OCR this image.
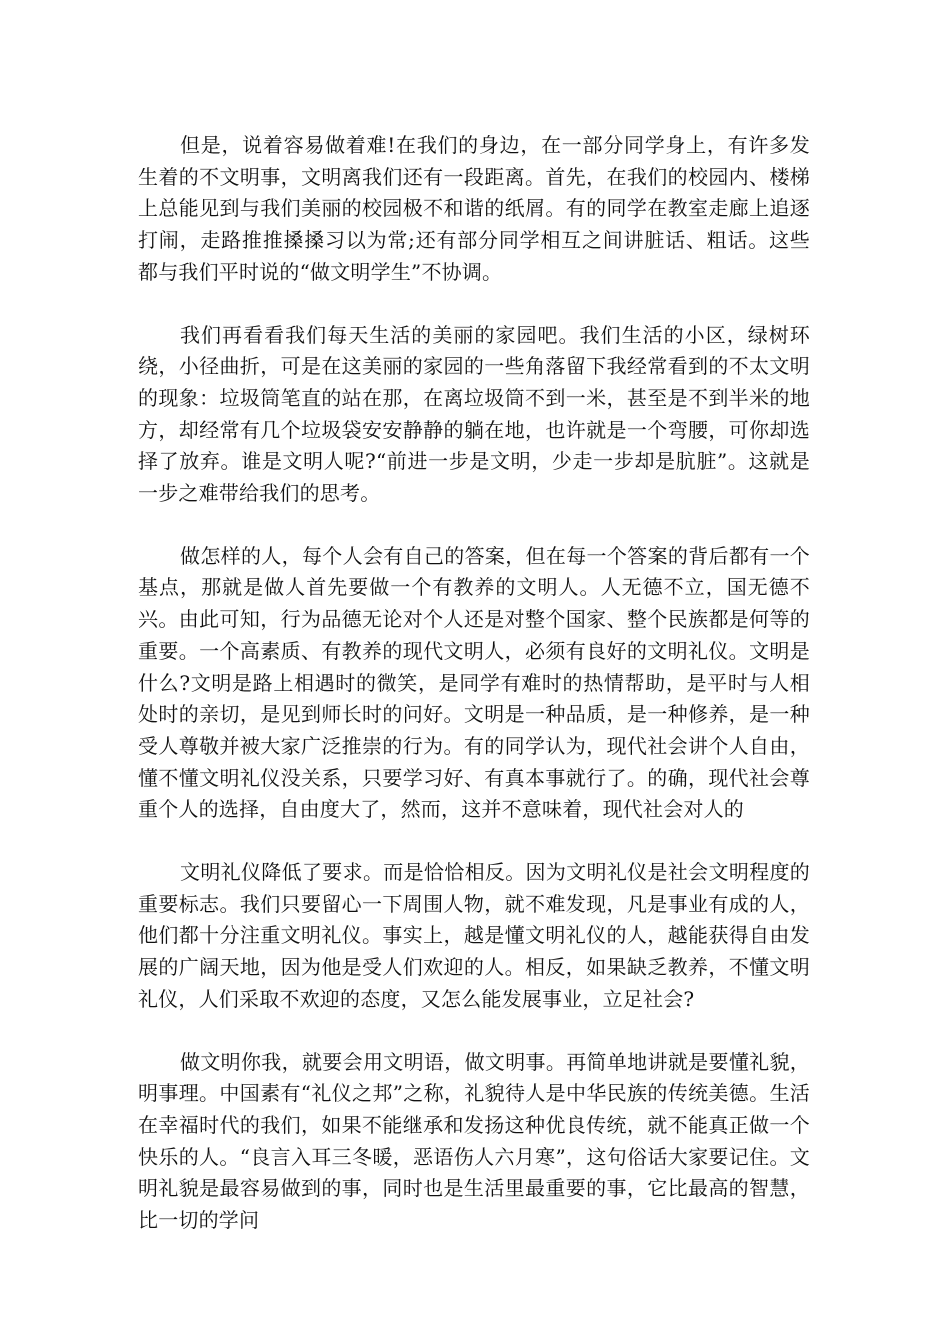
但是，说着容易做着难!在我们的身边，在一部分同学身上，有许多发生着的不文明事，文明离我们还有一段距离。首先，在我们的校园内、楼梯上总能见到与我们美丽的校园极不和谐的纸屑。有的同学在教室走廊上追逐打闹，走路推推搡搡习以为常;还有部分同学相互之间讲脏话、粗话。这些都与我们平时说的“做文明学生”不协调。

我们再看看我们每天生活的美丽的家园吧。我们生活的小区，绿树环绕，小径曲折，可是在这美丽的家园的一些角落留下我经常看到的不太文明的现象：垃圾筒笔直的站在那，在离垃圾筒不到一米，甚至是不到半米的地方，却经常有几个垃圾袋安安静静的躺在地，也许就是一个弯腰，可你却选择了放弃。谁是文明人呢?“前进一步是文明，少走一步却是肮脏”。这就是一步之难带给我们的思考。

做怎样的人，每个人会有自己的答案，但在每一个答案的背后都有一个基点，那就是做人首先要做一个有教养的文明人。人无德不立，国无德不兴。由此可知，行为品德无论对个人还是对整个国家、整个民族都是何等的重要。一个高素质、有教养的现代文明人，必须有良好的文明礼仪。文明是什么?文明是路上相遇时的微笑，是同学有难时的热情帮助，是平时与人相处时的亲切，是见到师长时的问好。文明是一种品质，是一种修养，是一种受人尊敬并被大家广泛推崇的行为。有的同学认为，现代社会讲个人自由，懂不懂文明礼仪没关系，只要学习好、有真本事就行了。的确，现代社会尊重个人的选择，自由度大了，然而，这并不意味着，现代社会对人的

文明礼仪降低了要求。而是恰恰相反。因为文明礼仪是社会文明程度的重要标志。我们只要留心一下周围人物，就不难发现，凡是事业有成的人，他们都十分注重文明礼仪。事实上，越是懂文明礼仪的人，越能获得自由发展的广阔天地，因为他是受人们欢迎的人。相反，如果缺乏教养，不懂文明礼仪，人们采取不欢迎的态度，又怎么能发展事业，立足社会?

做文明你我，就要会用文明语，做文明事。再简单地讲就是要懂礼貌，明事理。中国素有“礼仪之邦”之称，礼貌待人是中华民族的传统美德。生活在幸福时代的我们，如果不能继承和发扬这种优良传统，就不能真正做一个快乐的人。“良言入耳三冬暖，恶语伤人六月寒”，这句俗话大家要记住。文明礼貌是最容易做到的事，同时也是生活里最重要的事，它比最高的智慧，比一切的学问
